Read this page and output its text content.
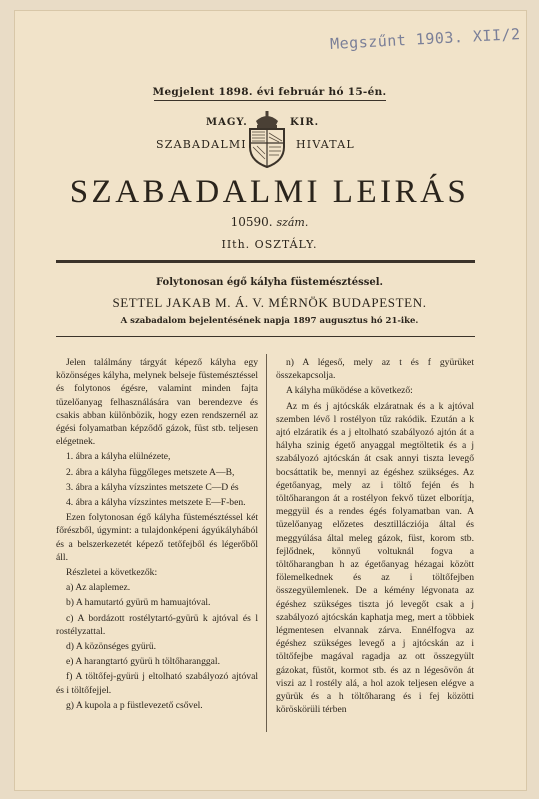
Megszűnt 1903. XII/2
Megjelent 1898. évi február hó 15-én.
MAGY.	KIR.
SZABADALMI	HIVATAL
SZABADALMI LEIRÁS
10590. szám.
IIth. OSZTÁLY.
Folytonosan égő kályha füstemésztéssel.
SETTEL JAKAB M. Á. V. MÉRNÖK BUDAPESTEN.
A szabadalom bejelentésének napja 1897 augusztus hó 21-ike.

Jelen találmány tárgyát képező kályha egy közönséges kályha, melynek belseje füstemésztéssel és folytonos égésre, valamint minden fajta tüzelőanyag felhasználására van berendezve és csakis abban különbözik, hogy ezen rendszernél az égési folyamatban képződő gázok, füst stb. teljesen elégetnek.

1. ábra a kályha elülnézete,

2. ábra a kályha függőleges metszete A—B,

3. ábra a kályha vízszintes metszete C—D és

4. ábra a kályha vízszintes metszete E—F-ben.

Ezen folytonosan égő kályha füstemésztéssel két főrészből, úgymint: a tulajdonképeni ágyúkályhából és a belszerkezetét képező tetőfejből és légerőből áll.

Részletei a következők:

a) Az alaplemez.

b) A hamutartó gyürü m hamuajtóval.

c) A bordázott rostélytartó-gyürü k ajtóval és l rostélyzattal.

d) A közönséges gyürü.

e) A harangtartó gyürü h töltőharanggal.

f) A töltőfej-gyürü j eltolható szabályozó ajtóval és i töltőfejjel.

g) A kupola a p füstlevezető csővel.

n) A légeső, mely az t és f gyürüket összekapcsolja.

A kályha működése a következő:

Az m és j ajtócskák elzáratnak és a k ajtóval szemben lévő l rostélyon tűz rakódik. Ezután a k ajtó elzáratik és a j eltolható szabályozó ajtón át a hályha szinig égető anyaggal megtöltetik és a j szabályozó ajtócskán át csak annyi tiszta levegő bocsáttatik be, mennyi az égéshez szükséges. Az égetőanyag, mely az i töltő fején és h töltőharangon át a rostélyon fekvő tüzet elborítja, meggyül és a rendes égés folyamatban van. A tüzelőanyag előzetes desztillácziója által és meggyúlása által meleg gázok, füst, korom stb. fejlődnek, könnyű voltuknál fogva a töltőharangban h az égetőanyag hézagai között fölemelkednek és az i töltőfejben összegyülemlenek. De a kémény légvonata az égéshez szükséges tiszta jó levegőt csak a j szabályozó ajtócskán kaphatja meg, mert a többiek légmentesen elvannak zárva. Ennélfogva az égéshez szükséges levegő a j ajtócskán az i töltőfejbe magával ragadja az ott összegyült gázokat, füstöt, kormot stb. és az n légesövön át viszi az l rostély alá, a hol azok teljesen elégve a gyürük és a h töltőharang és i fej közötti köröskörüli térben
